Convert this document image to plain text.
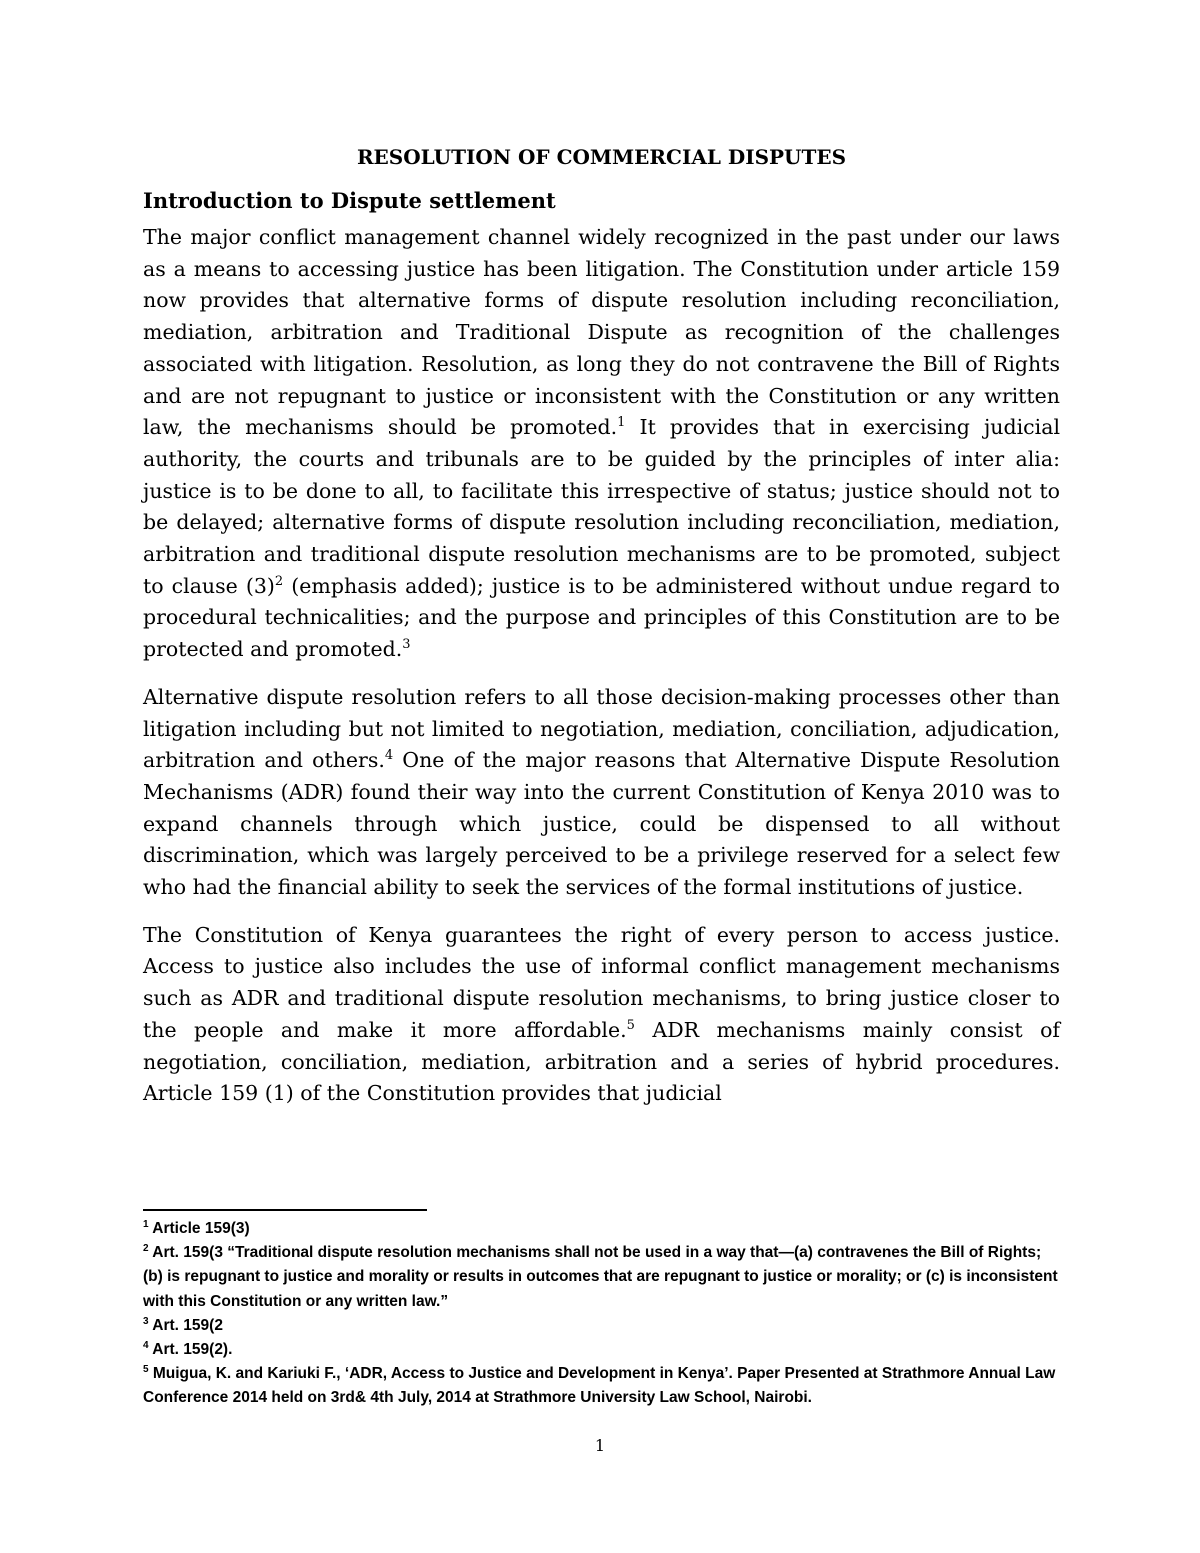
RESOLUTION OF COMMERCIAL DISPUTES
Introduction to Dispute settlement

The major conflict management channel widely recognized in the past under our laws as a means to accessing justice has been litigation. The Constitution under article 159 now provides that alternative forms of dispute resolution including reconciliation, mediation, arbitration and Traditional Dispute as recognition of the challenges associated with litigation. Resolution, as long they do not contravene the Bill of Rights and are not repugnant to justice or inconsistent with the Constitution or any written law, the mechanisms should be promoted.$^1$ It provides that in exercising judicial authority, the courts and tribunals are to be guided by the principles of inter alia: justice is to be done to all, to facilitate this irrespective of status; justice should not to be delayed; alternative forms of dispute resolution including reconciliation, mediation, arbitration and traditional dispute resolution mechanisms are to be promoted, subject to clause $(3)^2$ (emphasis added); justice is to be administered without undue regard to procedural technicalities; and the purpose and principles of this Constitution are to be protected and promoted.$^3$

Alternative dispute resolution refers to all those decision-making processes other than litigation including but not limited to negotiation, mediation, conciliation, adjudication, arbitration and others.$^4$ One of the major reasons that Alternative Dispute Resolution Mechanisms (ADR) found their way into the current Constitution of Kenya 2010 was to expand channels through which justice, could be dispensed to all without discrimination, which was largely perceived to be a privilege reserved for a select few who had the financial ability to seek the services of the formal institutions of justice.

The Constitution of Kenya guarantees the right of every person to access justice. Access to justice also includes the use of informal conflict management mechanisms such as ADR and traditional dispute resolution mechanisms, to bring justice closer to the people and make it more affordable.$^5$ ADR mechanisms mainly consist of negotiation, conciliation, mediation, arbitration and a series of hybrid procedures. Article 159 (1) of the Constitution provides that judicial

$^1$ Article 159(3)

$^2$ Art. 159(3 “Traditional dispute resolution mechanisms shall not be used in a way that—(a) contravenes the Bill of Rights; (b) is repugnant to justice and morality or results in outcomes that are repugnant to justice or morality; or (c) is inconsistent with this Constitution or any written law.”

$^3$ Art. 159(2

$^4$ Art. 159(2).

$^5$ Muigua, K. and Kariuki F., ‘ADR, Access to Justice and Development in Kenya’. Paper Presented at Strathmore Annual Law Conference 2014 held on 3rd& 4th July, 2014 at Strathmore University Law School, Nairobi.

1
